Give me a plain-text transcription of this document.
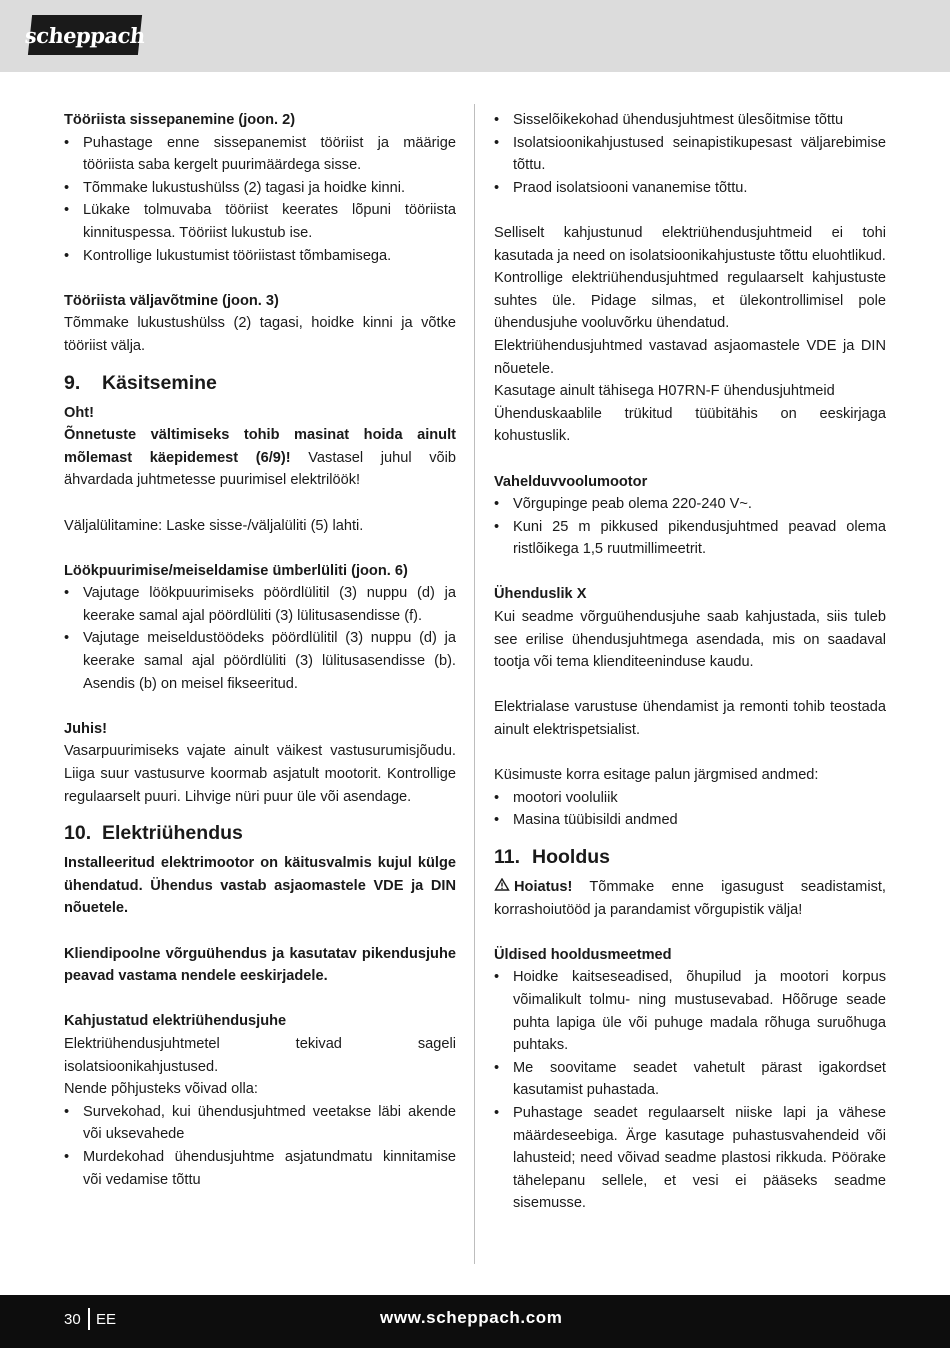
scheppach

Tööriista sissepanemine (joon. 2)

• Puhastage enne sissepanemist tööriist ja määrige tööriista saba kergelt puurimäärdega sisse.
• Tõmmake lukustushülss (2) tagasi ja hoidke kinni.
• Lükake tolmuvaba tööriist keerates lõpuni tööriista kinnituspessa. Tööriist lukustub ise.
• Kontrollige lukustumist tööriistast tõmbamisega.

Tööriista väljavõtmine (joon. 3)

Tõmmake lukustushülss (2) tagasi, hoidke kinni ja võtke tööriist välja.

9. Käsitsemine

Oht!

Õnnetuste vältimiseks tohib masinat hoida ainult mõlemast käepidemest (6/9)! Vastasel juhul võib ähvardada juhtmetesse puurimisel elektrilöök!

Väljalülitamine: Laske sisse-/väljalüliti (5) lahti.

Löökpuurimise/meiseldamise ümberlüliti (joon. 6)

• Vajutage löökpuurimiseks pöördlülitil (3) nuppu (d) ja keerake samal ajal pöördlüliti (3) lülitusasendisse (f).
• Vajutage meiseldustöödeks pöördlülitil (3) nuppu (d) ja keerake samal ajal pöördlüliti (3) lülitusasendisse (b). Asendis (b) on meisel fikseeritud.

Juhis!

Vasarpuurimiseks vajate ainult väikest vastusurumisjõudu. Liiga suur vastusurve koormab asjatult mootorit. Kontrollige regulaarselt puuri. Lihvige nüri puur üle või asendage.

10. Elektriühendus

Installeeritud elektrimootor on käitusvalmis kujul külge ühendatud. Ühendus vastab asjaomastele VDE ja DIN nõuetele.

Kliendipoolne võrguühendus ja kasutatav pikendusjuhe peavad vastama nendele eeskirjadele.

Kahjustatud elektriühendusjuhe

Elektriühendusjuhtmetel tekivad sageli isolatsioonikahjustused.

Nende põhjusteks võivad olla:

• Survekohad, kui ühendusjuhtmed veetakse läbi akende või uksevahede
• Murdekohad ühendusjuhtme asjatundmatu kinnitamise või vedamise tõttu
• Sisselõikekohad ühendusjuhtmest ülesõitmise tõttu
• Isolatsioonikahjustused seinapistikupesast väljarebimise tõttu.
• Praod isolatsiooni vananemise tõttu.

Selliselt kahjustunud elektriühendusjuhtmeid ei tohi kasutada ja need on isolatsioonikahjustuste tõttu eluohtlikud.

Kontrollige elektriühendusjuhtmed regulaarselt kahjustuste suhtes üle. Pidage silmas, et ülekontrollimisel pole ühendusjuhe vooluvõrku ühendatud.

Elektriühendusjuhtmed vastavad asjaomastele VDE ja DIN nõuetele.

Kasutage ainult tähisega H07RN-F ühendusjuhtmeid

Ühenduskaablile trükitud tüübitähis on eeskirjaga kohustuslik.

Vahelduvvoolumootor

• Võrgupinge peab olema 220-240 V~.
• Kuni 25 m pikkused pikendusjuhtmed peavad olema ristlõikega 1,5 ruutmillimeetrit.

Ühenduslik X

Kui seadme võrguühendusjuhe saab kahjustada, siis tuleb see erilise ühendusjuhtmega asendada, mis on saadaval tootja või tema klienditeeninduse kaudu.

Elektrialase varustuse ühendamist ja remonti tohib teostada ainult elektrispetsialist.

Küsimuste korra esitage palun järgmised andmed:

• mootori vooluliik
• Masina tüübisildi andmed
11. Hooldus

Hoiatus! Tõmmake enne igasugust seadistamist, korrashoiutööd ja parandamist võrgupistik välja!

Üldised hooldusmeetmed

• Hoidke kaitseseadised, õhupilud ja mootori korpus võimalikult tolmu- ning mustusevabad. Hõõruge seade puhta lapiga üle või puhuge madala rõhuga suruõhuga puhtaks.
• Me soovitame seadet vahetult pärast igakordset kasutamist puhastada.
• Puhastage seadet regulaarselt niiske lapi ja vähese määrdeseebiga. Ärge kasutage puhastusvahendeid või lahusteid; need võivad seadme plastosi rikkuda. Pöörake tähelepanu sellele, et vesi ei pääseks seadme sisemusse.
30 EE	www.scheppach.com
